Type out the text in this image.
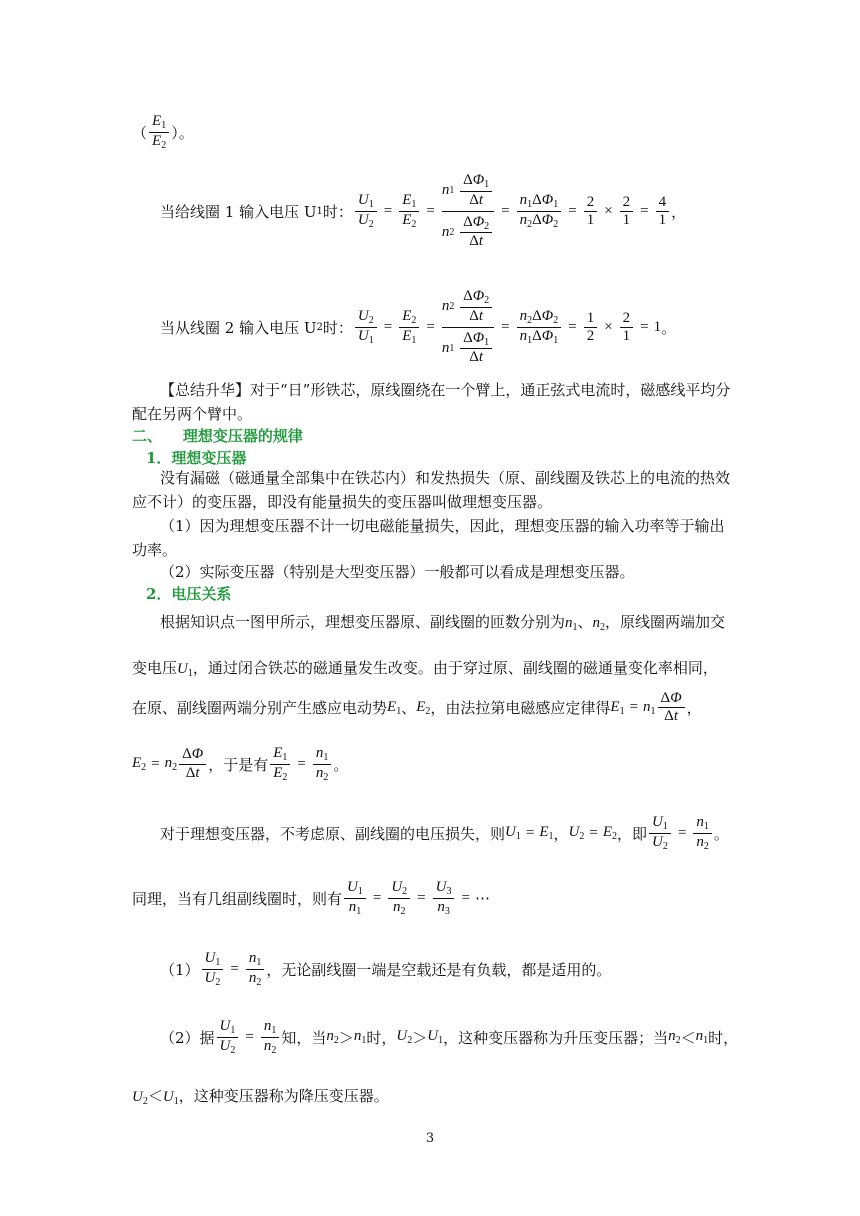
（ $\frac{E_1}{E_2}$ ）。
当给线圈 1 输入电压 U 1 时： $\frac{U_1}{U_2} = \frac{E_1}{E_2}$ =
n 1
$\frac{\Delta\Phi_1}{\Delta t}$
n 2
$\frac{\Delta\Phi_2}{\Delta t}$
= $\frac{n_1\Delta\Phi_1}{n_2\Delta\Phi_2} = \frac{2}{1} \times \frac{2}{1} = \frac{4}{1}$ ，
当从线圈 2 输入电压 U 2 时： $\frac{U_2}{U_1} = \frac{E_2}{E_1}$ =
n 2
$\frac{\Delta\Phi_2}{\Delta t}$
n 1
$\frac{\Delta\Phi_1}{\Delta t}$
= $\frac{n_2\Delta\Phi_2}{n_1\Delta\Phi_1} = \frac{1}{2} \times \frac{2}{1} = 1$ 。
【总结升华】对于“日”形铁芯，原线圈绕在一个臂上，通正弦式电流时，磁感线平均分配在另两个臂中。
二、 理想变压器的规律
1．理想变压器
没有漏磁（磁通量全部集中在铁芯内）和发热损失（原、副线圈及铁芯上的电流的热效应不计）的变压器，即没有能量损失的变压器叫做理想变压器。
（1）因为理想变压器不计一切电磁能量损失，因此，理想变压器的输入功率等于输出功率。
（2）实际变压器（特别是大型变压器）一般都可以看成是理想变压器。
2．电压关系
根据知识点一图甲所示，理想变压器原、副线圈的匝数分别为$n_1$、$n_2$，原线圈两端加交
变电压$U_1$，通过闭合铁芯的磁通量发生改变。由于穿过原、副线圈的磁通量变化率相同，
在原、副线圈两端分别产生感应电动势 $E_1$ 、 $E_2$ ，由法拉第电磁感应定律得 $E_1 = n_1 \frac{\Delta\Phi}{\Delta t}$ ，
$E_2 = n_2 \frac{\Delta\Phi}{\Delta t}$ ，于是有 $\frac{E_1}{E_2} = \frac{n_1}{n_2}$ 。
对于理想变压器，不考虑原、副线圈的电压损失，则 $U_1 = E_1$ ， $U_2 = E_2$ ，即 $\frac{U_1}{U_2} = \frac{n_1}{n_2}$ 。
同理，当有几组副线圈时，则有 $\frac{U_1}{n_1} = \frac{U_2}{n_2} = \frac{U_3}{n_3}$ = ⋯
$(1) \frac{U_1}{U_2} = \frac{n_1}{n_2}$ ，无论副线圈一端是空载还是有负载，都是适用的。
（2）据 $\frac{U_1}{U_2} = \frac{n_1}{n_2}$ 知，当 $n_2 > n_1$ 时， $U_2 > U_1$ ，这种变压器称为升压变压器；当 $n_2 < n_1$ 时，
$U_2<U_1$，这种变压器称为降压变压器。
3
